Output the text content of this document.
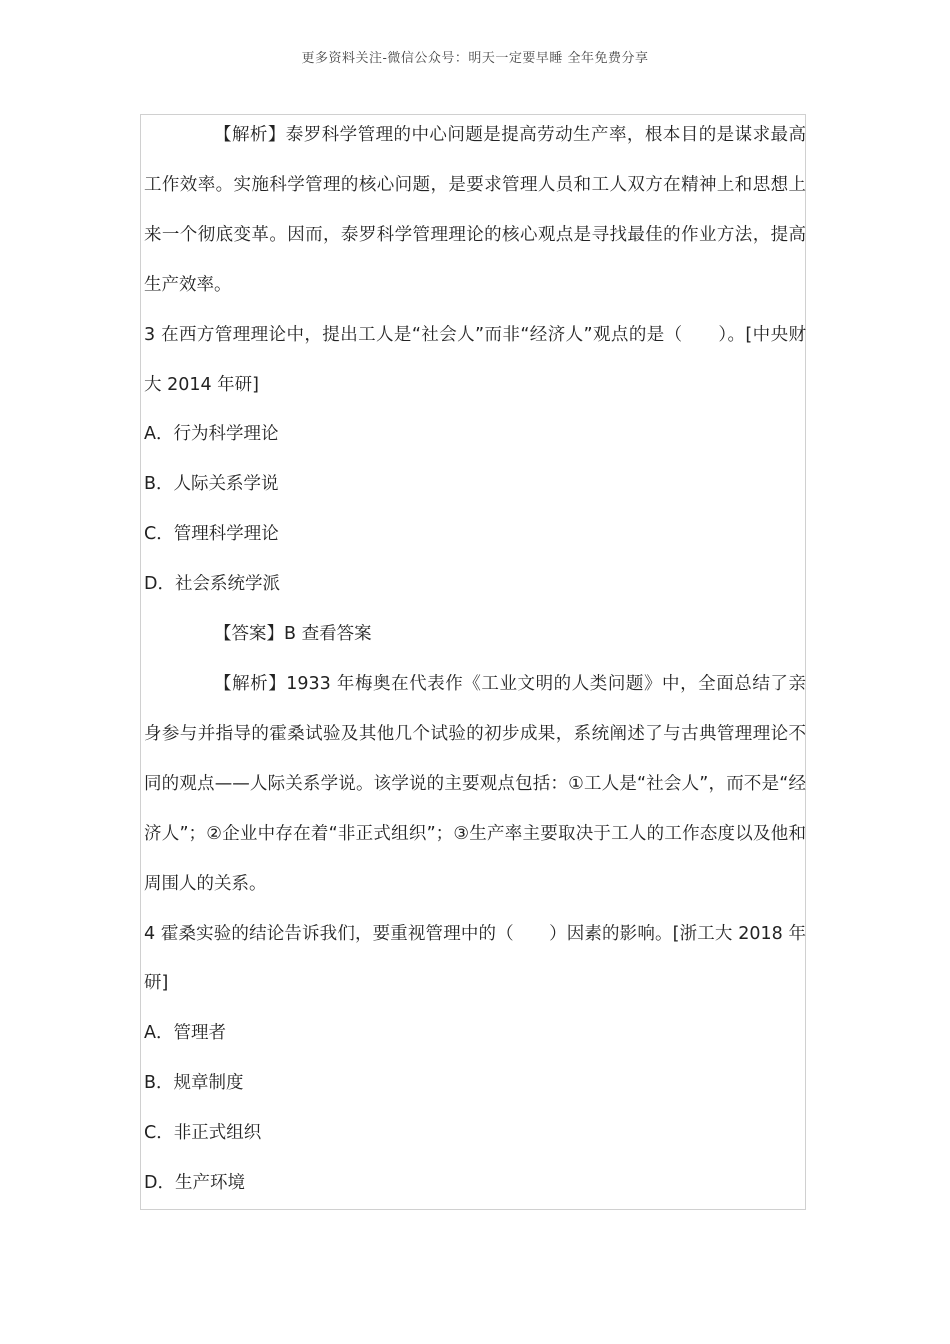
更多资料关注-微信公众号：明天一定要早睡 全年免费分享

【解析】泰罗科学管理的中心问题是提高劳动生产率，根本目的是谋求最高工作效率。实施科学管理的核心问题，是要求管理人员和工人双方在精神上和思想上来一个彻底变革。因而，泰罗科学管理理论的核心观点是寻找最佳的作业方法，提高生产效率。

3 在西方管理理论中，提出工人是“社会人”而非“经济人”观点的是（　　）。[中央财大 2014 年研]

A．行为科学理论

B．人际关系学说

C．管理科学理论

D．社会系统学派

【答案】B 查看答案

【解析】1933 年梅奥在代表作《工业文明的人类问题》中，全面总结了亲身参与并指导的霍桑试验及其他几个试验的初步成果，系统阐述了与古典管理理论不同的观点——人际关系学说。该学说的主要观点包括：①工人是“社会人”，而不是“经济人”；②企业中存在着“非正式组织”；③生产率主要取决于工人的工作态度以及他和周围人的关系。

4 霍桑实验的结论告诉我们，要重视管理中的（　　）因素的影响。[浙工大 2018 年研]

A．管理者

B．规章制度

C．非正式组织

D．生产环境
